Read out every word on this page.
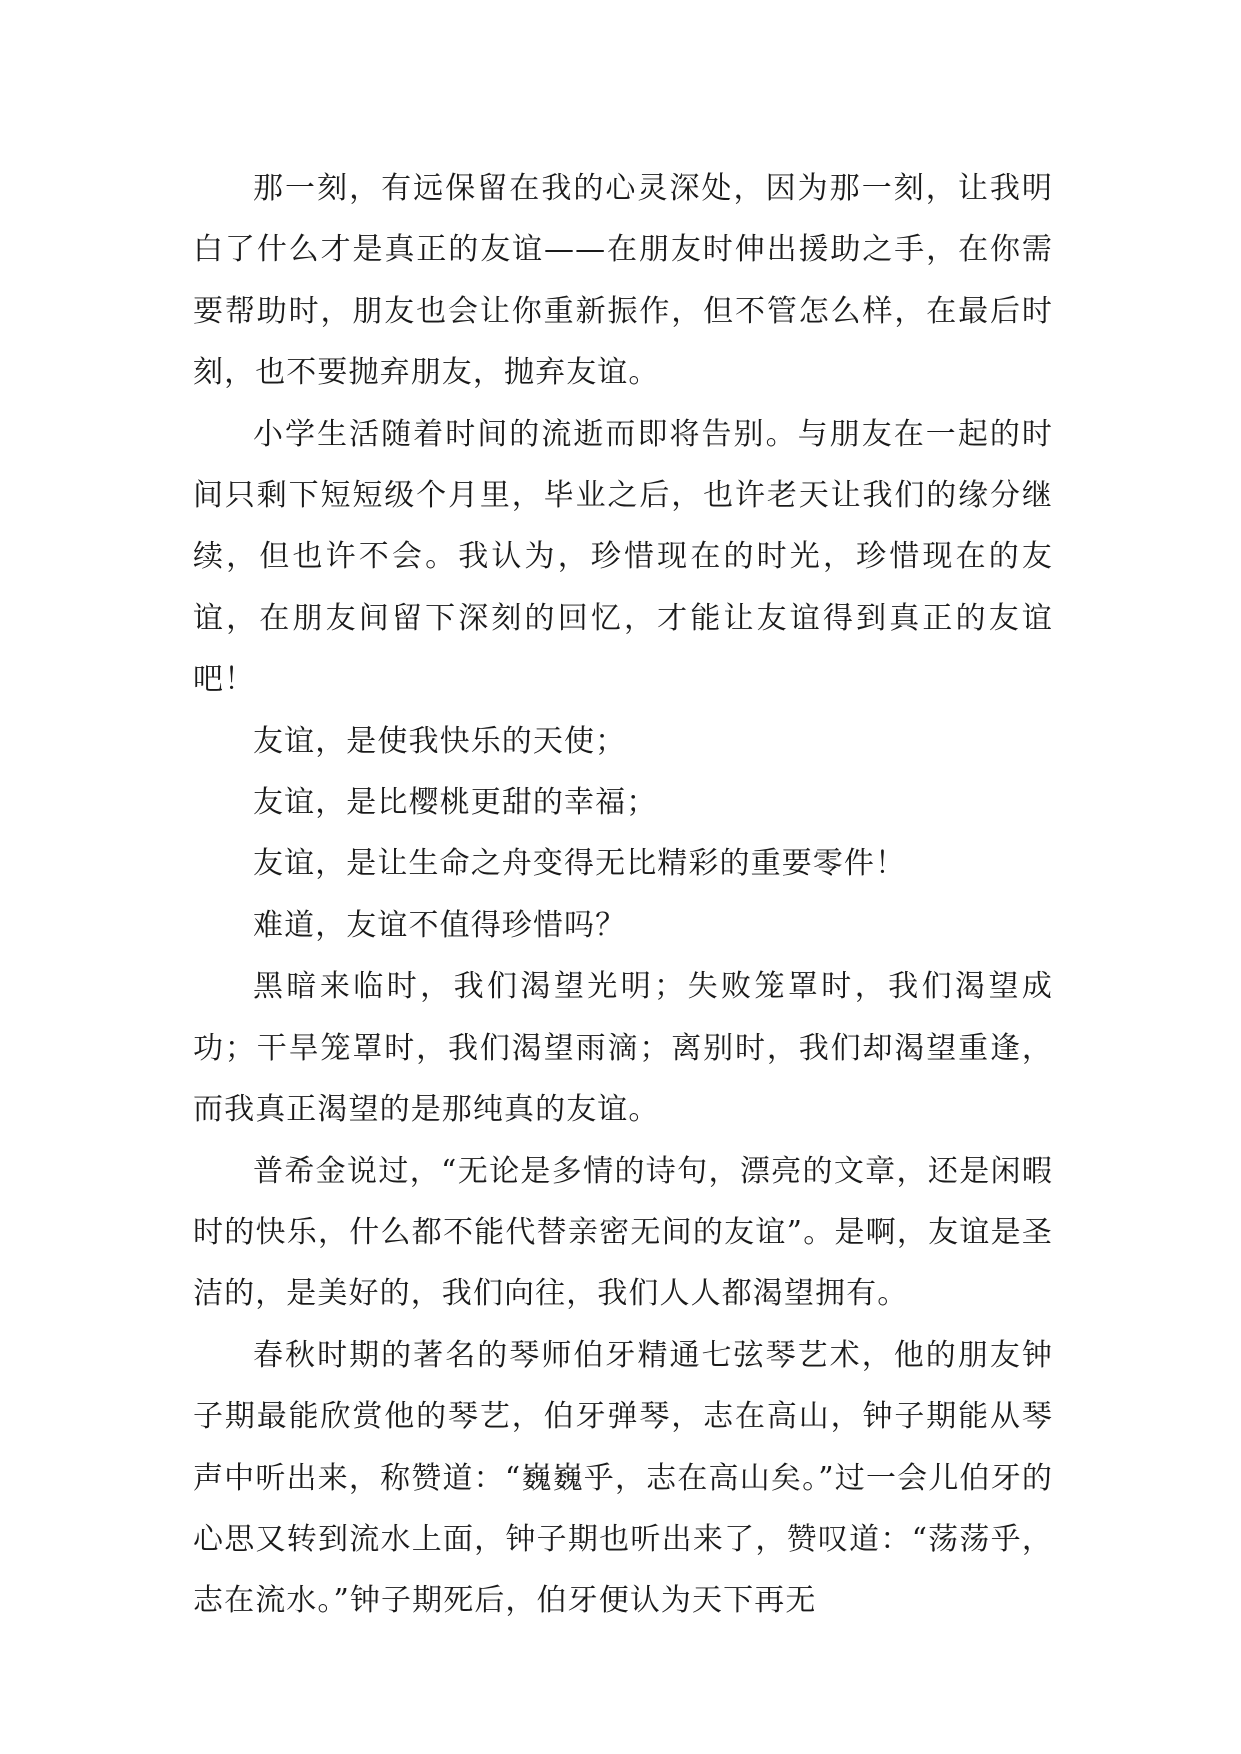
那一刻，有远保留在我的心灵深处，因为那一刻，让我明白了什么才是真正的友谊——在朋友时伸出援助之手，在你需要帮助时，朋友也会让你重新振作，但不管怎么样，在最后时刻，也不要抛弃朋友，抛弃友谊。

小学生活随着时间的流逝而即将告别。与朋友在一起的时间只剩下短短级个月里，毕业之后，也许老天让我们的缘分继续，但也许不会。我认为，珍惜现在的时光，珍惜现在的友谊，在朋友间留下深刻的回忆，才能让友谊得到真正的友谊吧！

友谊，是使我快乐的天使；

友谊，是比樱桃更甜的幸福；

友谊，是让生命之舟变得无比精彩的重要零件！

难道，友谊不值得珍惜吗？

黑暗来临时，我们渴望光明；失败笼罩时，我们渴望成功；干旱笼罩时，我们渴望雨滴；离别时，我们却渴望重逢，而我真正渴望的是那纯真的友谊。

普希金说过，“无论是多情的诗句，漂亮的文章，还是闲暇时的快乐，什么都不能代替亲密无间的友谊”。是啊，友谊是圣洁的，是美好的，我们向往，我们人人都渴望拥有。

春秋时期的著名的琴师伯牙精通七弦琴艺术，他的朋友钟子期最能欣赏他的琴艺，伯牙弹琴，志在高山，钟子期能从琴声中听出来，称赞道：“巍巍乎，志在高山矣。”过一会儿伯牙的心思又转到流水上面，钟子期也听出来了，赞叹道：“荡荡乎，志在流水。”钟子期死后，伯牙便认为天下再无
